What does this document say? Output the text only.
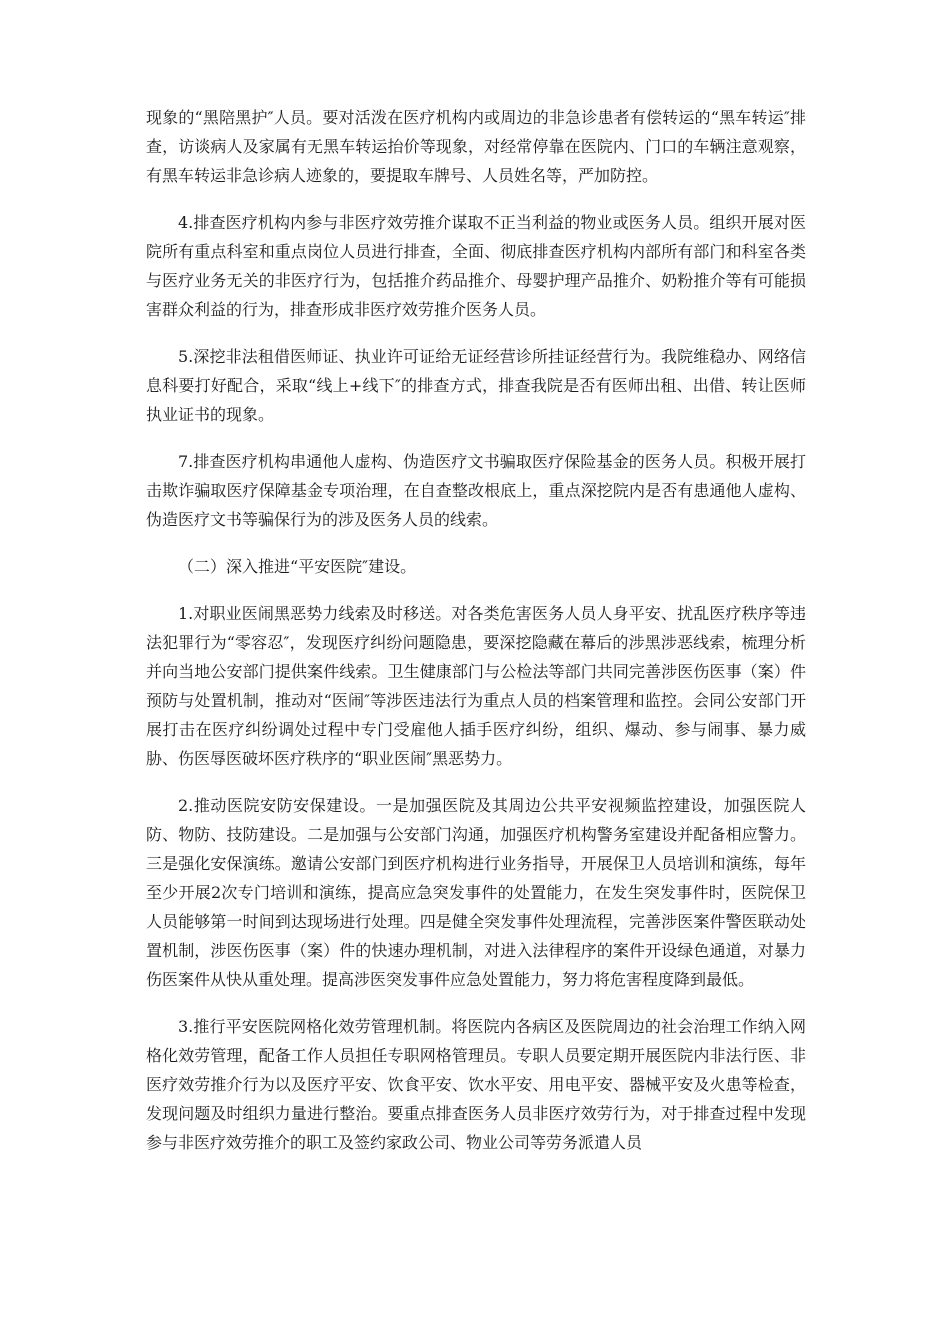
现象的“黑陪黑护″人员。要对活泼在医疗机构内或周边的非急诊患者有偿转运的“黑车转运″排查，访谈病人及家属有无黑车转运抬价等现象，对经常停靠在医院内、门口的车辆注意观察，有黑车转运非急诊病人迹象的，要提取车牌号、人员姓名等，严加防控。

4.排查医疗机构内参与非医疗效劳推介谋取不正当利益的物业或医务人员。组织开展对医院所有重点科室和重点岗位人员进行排查，全面、彻底排查医疗机构内部所有部门和科室各类与医疗业务无关的非医疗行为，包括推介药品推介、母婴护理产品推介、奶粉推介等有可能损害群众利益的行为，排查形成非医疗效劳推介医务人员。

5.深挖非法租借医师证、执业许可证给无证经营诊所挂证经营行为。我院维稳办、网络信息科要打好配合，采取“线上+线下″的排查方式，排查我院是否有医师出租、出借、转让医师执业证书的现象。

7.排查医疗机构串通他人虚构、伪造医疗文书骗取医疗保险基金的医务人员。积极开展打击欺诈骗取医疗保障基金专项治理，在自查整改根底上，重点深挖院内是否有患通他人虚构、伪造医疗文书等骗保行为的涉及医务人员的线索。

（二）深入推进“平安医院″建设。

1.对职业医闹黑恶势力线索及时移送。对各类危害医务人员人身平安、扰乱医疗秩序等违法犯罪行为“零容忍″，发现医疗纠纷问题隐患，要深挖隐藏在幕后的涉黑涉恶线索，梳理分析并向当地公安部门提供案件线索。卫生健康部门与公检法等部门共同完善涉医伤医事（案）件预防与处置机制，推动对“医闹″等涉医违法行为重点人员的档案管理和监控。会同公安部门开展打击在医疗纠纷调处过程中专门受雇他人插手医疗纠纷，组织、爆动、参与闹事、暴力威胁、伤医辱医破坏医疗秩序的“职业医闹″黑恶势力。

2.推动医院安防安保建设。一是加强医院及其周边公共平安视频监控建设，加强医院人防、物防、技防建设。二是加强与公安部门沟通，加强医疗机构警务室建设并配备相应警力。三是强化安保演练。邀请公安部门到医疗机构进行业务指导，开展保卫人员培训和演练，每年至少开展2次专门培训和演练，提高应急突发事件的处置能力，在发生突发事件时，医院保卫人员能够第一时间到达现场进行处理。四是健全突发事件处理流程，完善涉医案件警医联动处置机制，涉医伤医事（案）件的快速办理机制，对进入法律程序的案件开设绿色通道，对暴力伤医案件从快从重处理。提高涉医突发事件应急处置能力，努力将危害程度降到最低。

3.推行平安医院网格化效劳管理机制。将医院内各病区及医院周边的社会治理工作纳入网格化效劳管理，配备工作人员担任专职网格管理员。专职人员要定期开展医院内非法行医、非医疗效劳推介行为以及医疗平安、饮食平安、饮水平安、用电平安、器械平安及火患等检查，发现问题及时组织力量进行整治。要重点排查医务人员非医疗效劳行为，对于排查过程中发现参与非医疗效劳推介的职工及签约家政公司、物业公司等劳务派遣人员
